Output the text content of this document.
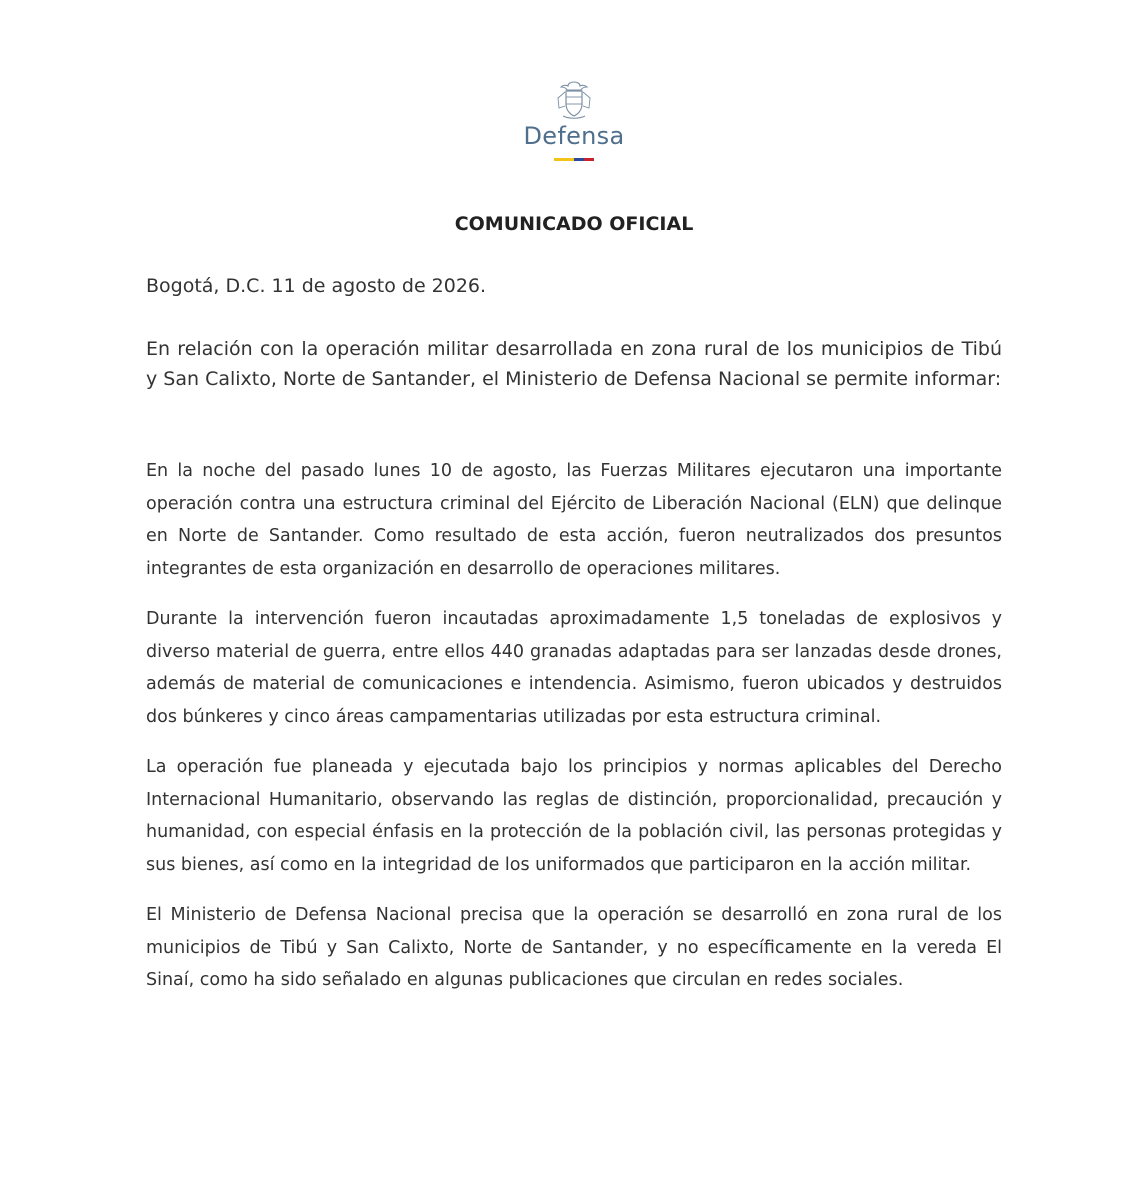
Defensa
COMUNICADO OFICIAL
Bogotá, D.C. 11 de agosto de 2026.

En relación con la operación militar desarrollada en zona rural de los municipios de Tibú y San Calixto, Norte de Santander, el Ministerio de Defensa Nacional se permite informar:

En la noche del pasado lunes 10 de agosto, las Fuerzas Militares ejecutaron una importante operación contra una estructura criminal del Ejército de Liberación Nacional (ELN) que delinque en Norte de Santander. Como resultado de esta acción, fueron neutralizados dos presuntos integrantes de esta organización en desarrollo de operaciones militares.

Durante la intervención fueron incautadas aproximadamente 1,5 toneladas de explosivos y diverso material de guerra, entre ellos 440 granadas adaptadas para ser lanzadas desde drones, además de material de comunicaciones e intendencia. Asimismo, fueron ubicados y destruidos dos búnkeres y cinco áreas campamentarias utilizadas por esta estructura criminal.

La operación fue planeada y ejecutada bajo los principios y normas aplicables del Derecho Internacional Humanitario, observando las reglas de distinción, proporcionalidad, precaución y humanidad, con especial énfasis en la protección de la población civil, las personas protegidas y sus bienes, así como en la integridad de los uniformados que participaron en la acción militar.

El Ministerio de Defensa Nacional precisa que la operación se desarrolló en zona rural de los municipios de Tibú y San Calixto, Norte de Santander, y no específicamente en la vereda El Sinaí, como ha sido señalado en algunas publicaciones que circulan en redes sociales.
